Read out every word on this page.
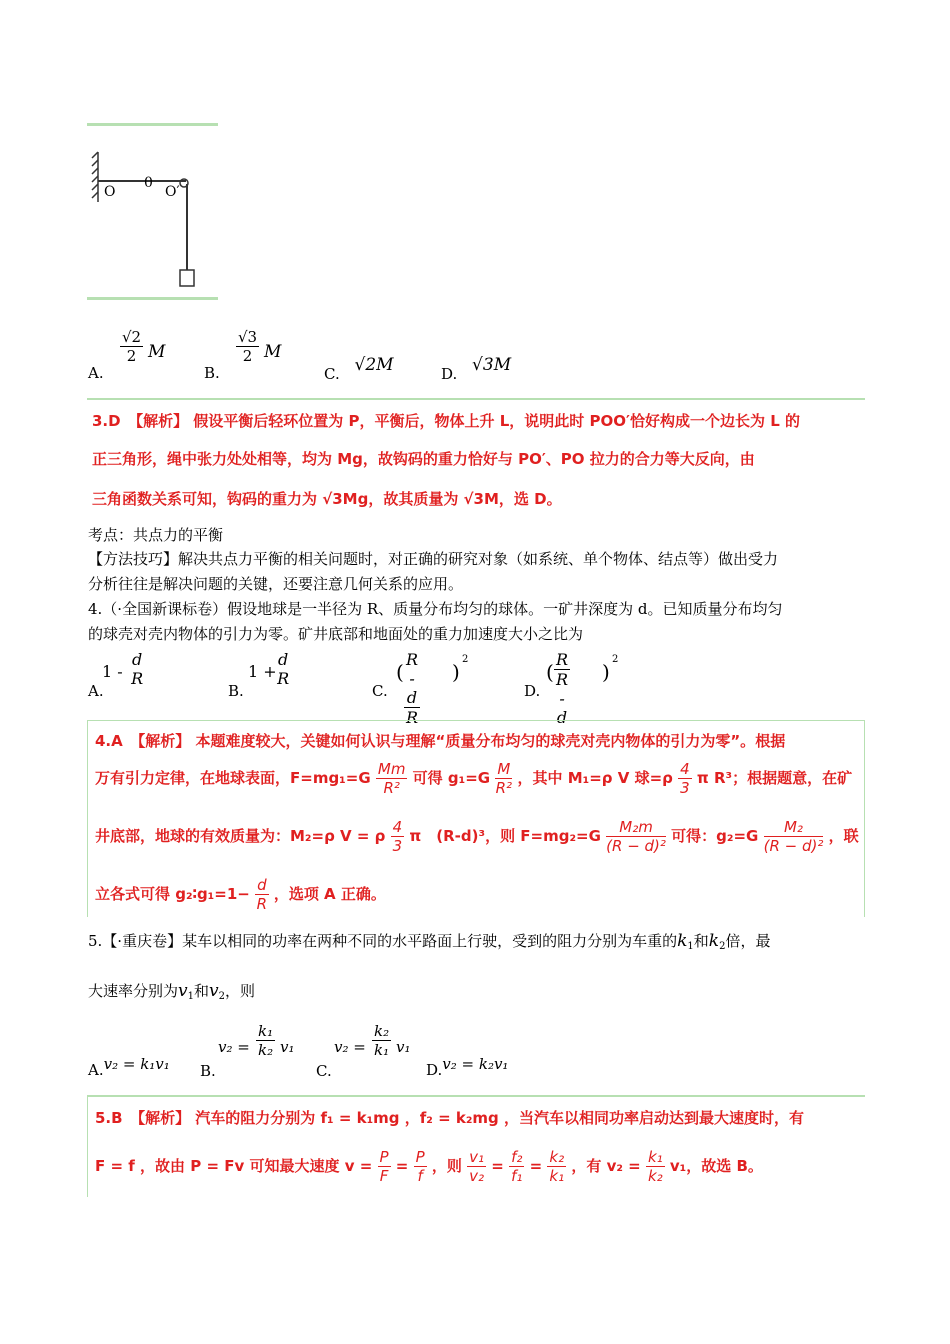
O
0
O′
A.
$\frac{√2}{2}$ M
B.
$\frac{√3}{2}$ M
C. √2M	D. √3M
3.D　【解析】 假设平衡后轻环位置为 P，平衡后，物体上升 L，说明此时 POO′恰好构成一个边长为 L 的
正三角形，绳中张力处处相等，均为 Mg，故钩码的重力恰好与 PO′、PO 拉力的合力等大反向，由
三角函数关系可知，钩码的重力为 √3Mg，故其质量为 √3M，选 D。
考点：共点力的平衡
【方法技巧】解决共点力平衡的相关问题时，对正确的研究对象（如系统、单个物体、结点等）做出受力
分析往往是解决问题的关键，还要注意几何关系的应用。
4.（·全国新课标卷）假设地球是一半径为 R、质量分布均匀的球体。一矿井深度为 d。已知质量分布均匀
的球壳对壳内物体的引力为零。矿井底部和地面处的重力加速度大小之比为
A.
1 -
d
R
B.
1 +
d
R
C.
( $\frac{R - d}{R}$ )
2
D.
( $\frac{R}{R - d}$ )
2
4.A　【解析】 本题难度较大，关键如何认识与理解“质量分布均匀的球壳对壳内物体的引力为零”。根据
万有引力定律，在地球表面，$F=mg_1=G \frac{Mm}{\text{R²}}$ 可得 $g_1=G \frac{M}{\text{R²}}$ ，其中 M₁=ρ V 球$=\rho \frac{4}{3}$ π R³；根据题意，在矿
井底部，地球的有效质量为：M₂=ρ V = ρ $\frac{4}{3}$ π　(R-d)³，则 $F=mg_2=G \frac{\text{M₂m}}{\text{(R − d)²}}$ 可得：$g_2=G \frac{\text{M₂}}{\text{(R − d)²}}$ ，联
立各式可得 g₂∶g₁=1− $\frac{d}{R}$ ，选项 A 正确。
5.【·重庆卷】某车以相同的功率在两种不同的水平路面上行驶，受到的阻力分别为车重的$k_1$和$k_2$倍，最
大速率分别为$v_1$和$v_2$，则
A.v₂ = k₁v₁ B.
$v_2 = \frac{\text{k₁}}{\text{k₂}} v_1$
C.
$v_2 = \frac{\text{k₂}}{\text{k₁}} v_1$
D.v₂ = k₂v₁
5.B　【解析】 汽车的阻力分别为 f₁ = k₁mg ，f₂ = k₂mg ，当汽车以相同功率启动达到最大速度时，有
F = f ，故由 P = Fv 可知最大速度 $v = \frac{P}{F} = \frac{P}{f}$ ，则 $\frac{\text{v₁}}{\text{v₂}} = \frac{\text{f₂}}{\text{f₁}} = \frac{\text{k₂}}{\text{k₁}}$ ，有 $v_2 = \frac{\text{k₁}}{\text{k₂}} v_1$，故选 B。
